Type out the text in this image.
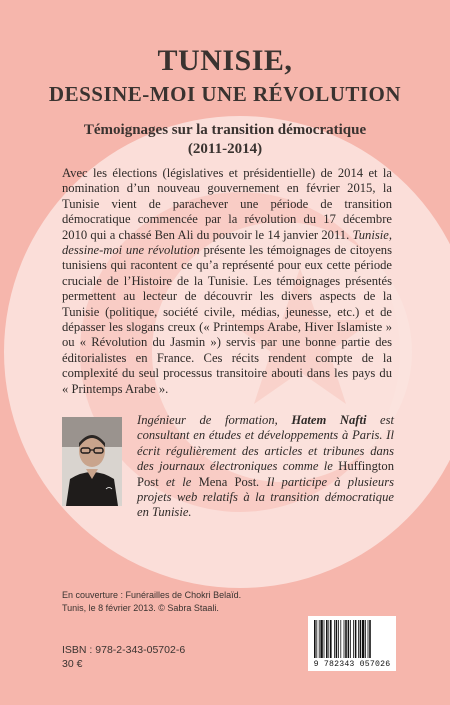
TUNISIE,
DESSINE-MOI UNE RÉVOLUTION
Témoignages sur la transition démocratique
(2011-2014)

Avec les élections (législatives et présidentielle) de 2014 et la nomination d’un nouveau gouvernement en février 2015, la Tunisie vient de parachever une période de transition démocratique commencée par la révolution du 17 décembre 2010 qui a chassé Ben Ali du pouvoir le 14 janvier 2011. Tunisie, dessine-moi une révolution présente les témoignages de citoyens tunisiens qui racontent ce qu’a représenté pour eux cette période cruciale de l’Histoire de la Tunisie. Les témoignages présentés permettent au lecteur de découvrir les divers aspects de la Tunisie (politique, société civile, médias, jeunesse, etc.) et de dépasser les slogans creux (« Printemps Arabe, Hiver Islamiste » ou « Révolution du Jasmin ») servis par une bonne partie des éditorialistes en France. Ces récits rendent compte de la complexité du seul processus transitoire abouti dans les pays du « Printemps Arabe ».

Ingénieur de formation, Hatem Nafti est consultant en études et développements à Paris. Il écrit régulièrement des articles et tribunes dans des journaux électroniques comme le Huffington Post et le Mena Post. Il participe à plusieurs projets web relatifs à la transition démocratique en Tunisie.
En couverture : Funérailles de Chokri Belaïd.
Tunis, le 8 février 2013. © Sabra Staali.
ISBN : 978-2-343-05702-6
30 €	9 782343 057026
